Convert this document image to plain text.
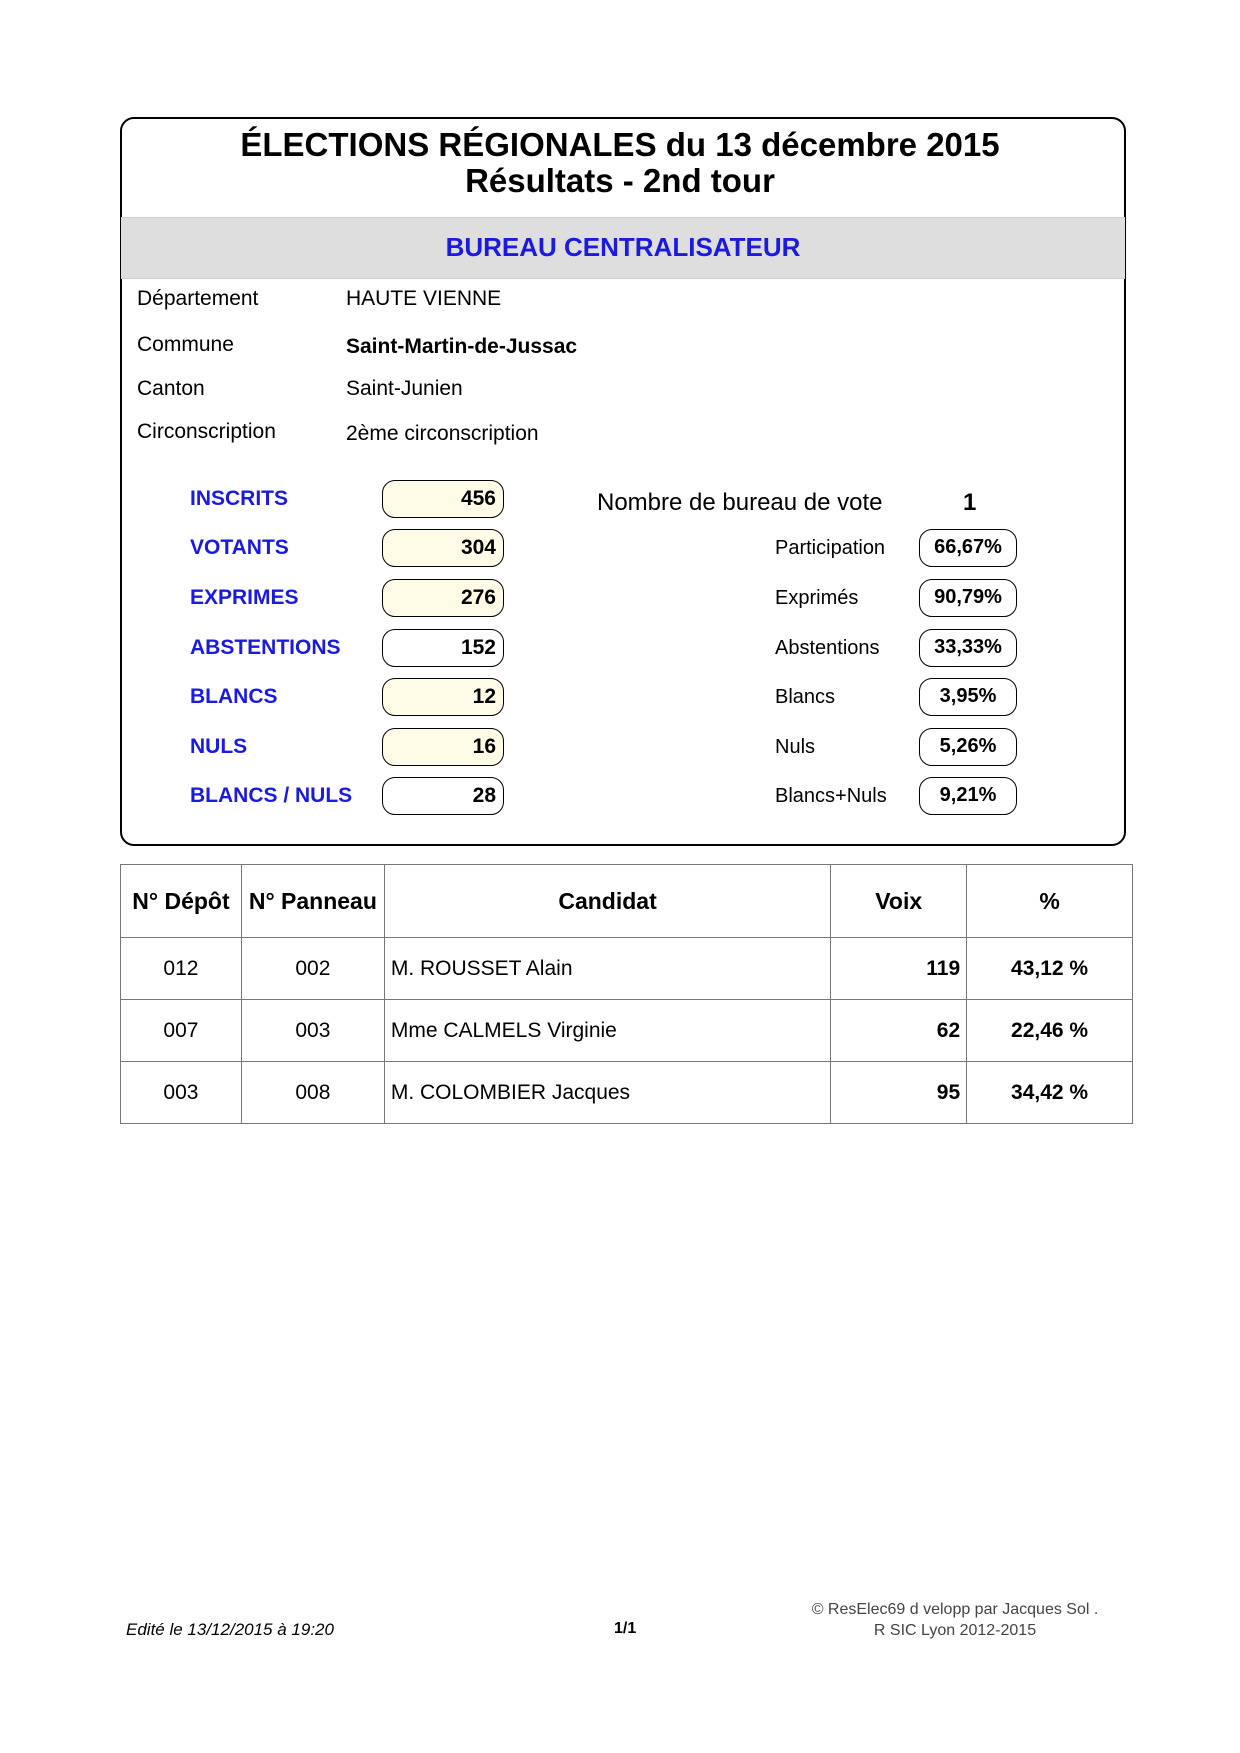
ÉLECTIONS RÉGIONALES du 13 décembre 2015
Résultats - 2nd tour
BUREAU CENTRALISATEUR
Département	HAUTE VIENNE
Commune	Saint-Martin-de-Jussac
Canton	Saint-Junien
Circonscription	2ème circonscription
INSCRITS	456
VOTANTS	304
EXPRIMES	276
ABSTENTIONS	152
BLANCS	12
NULS	16
BLANCS / NULS	28
Nombre de bureau de vote	1
Participation	66,67%
Exprimés	90,79%
Abstentions	33,33%
Blancs	3,95%
Nuls	5,26%
Blancs+Nuls	9,21%
N° Dépôt	N° Panneau	Candidat	Voix	%
012	002	M. ROUSSET Alain	119	43,12 %
007	003	Mme CALMELS Virginie	62	22,46 %
003	008	M. COLOMBIER Jacques	95	34,42 %
Edité le 13/12/2015 à 19:20	1/1
© ResElec69 d velopp par Jacques Sol .
R SIC Lyon 2012-2015
